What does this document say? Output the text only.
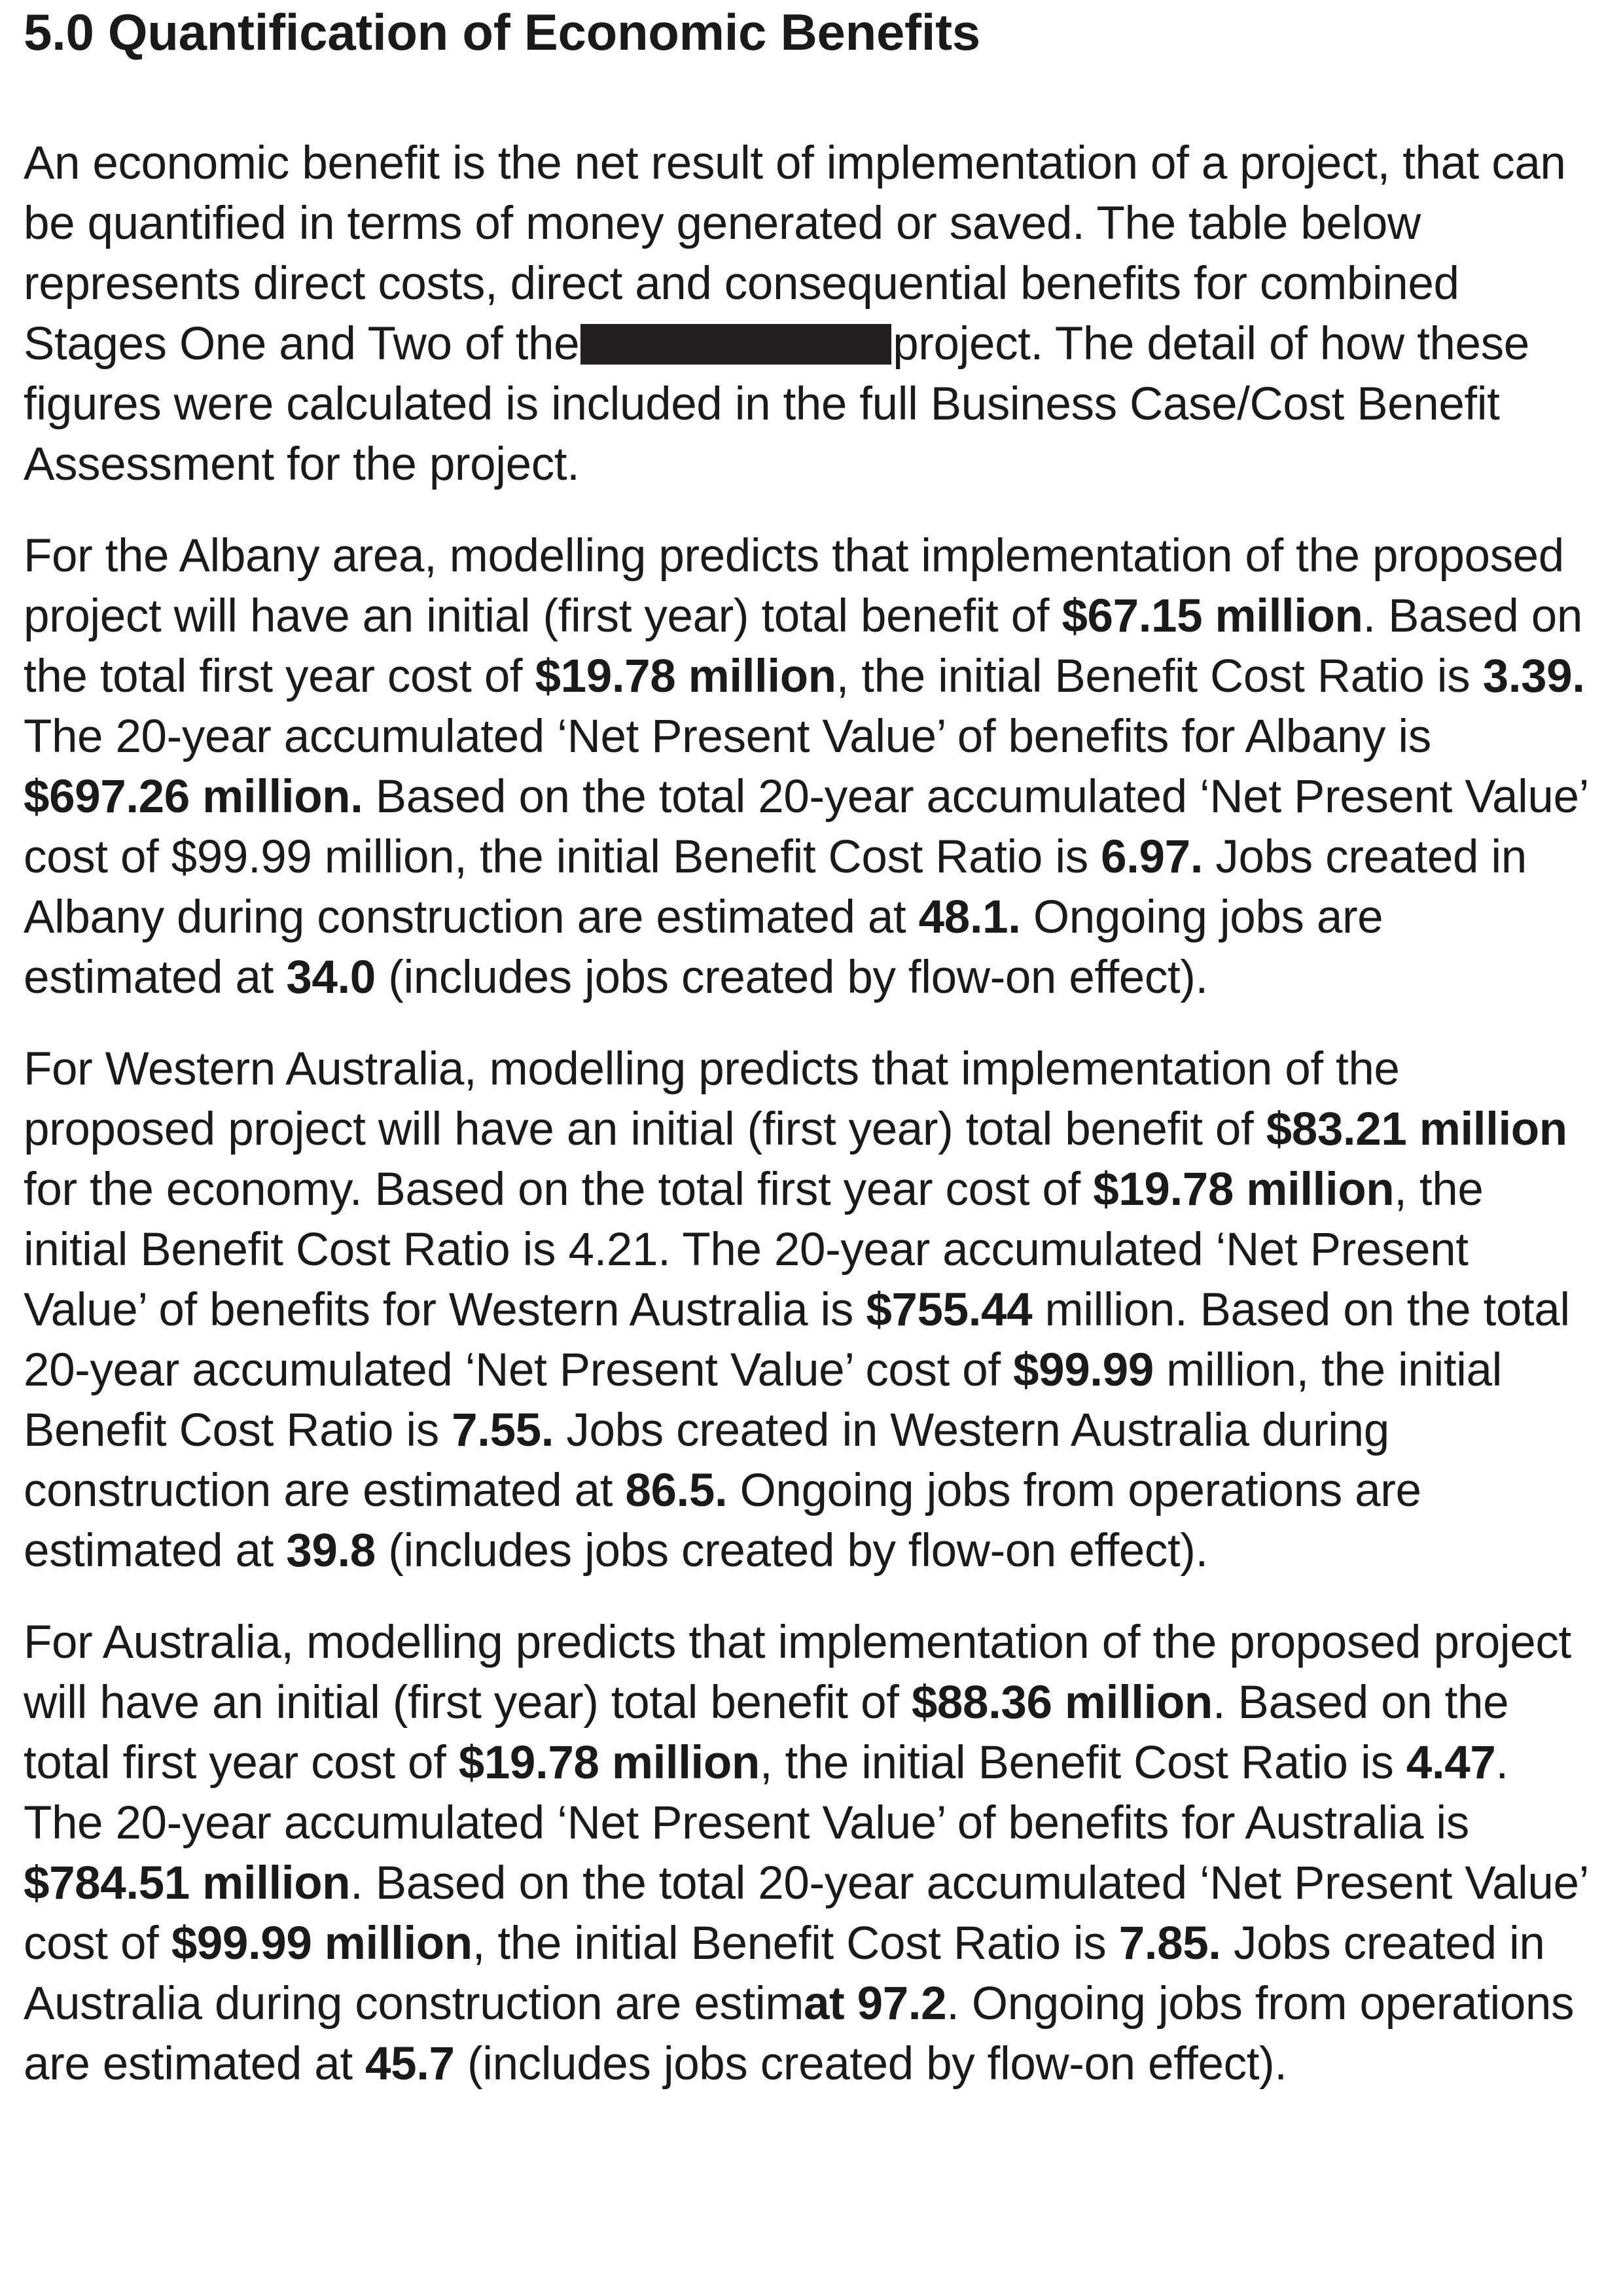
5.0 Quantification of Economic Benefits

An economic benefit is the net result of implementation of a project, that can be quantified in terms of money generated or saved. The table below represents direct costs, direct and consequential benefits for combined Stages One and Two of the	project. The detail of how these figures were calculated is included in the full Business Case/Cost Benefit Assessment for the project.

For the Albany area, modelling predicts that implementation of the proposed project will have an initial (first year) total benefit of $67.15 million. Based on the total first year cost of $19.78 million, the initial Benefit Cost Ratio is 3.39. The 20-year accumulated ‘Net Present Value’ of benefits for Albany is $697.26 million. Based on the total 20-year accumulated ‘Net Present Value’ cost of $99.99 million, the initial Benefit Cost Ratio is 6.97. Jobs created in Albany during construction are estimated at 48.1. Ongoing jobs are estimated at 34.0 (includes jobs created by flow-on effect).

For Western Australia, modelling predicts that implementation of the proposed project will have an initial (first year) total benefit of $83.21 million for the economy. Based on the total first year cost of $19.78 million, the initial Benefit Cost Ratio is 4.21. The 20-year accumulated ‘Net Present Value’ of benefits for Western Australia is $755.44 million. Based on the total 20-year accumulated ‘Net Present Value’ cost of $99.99 million, the initial Benefit Cost Ratio is 7.55. Jobs created in Western Australia during construction are estimated at 86.5. Ongoing jobs from operations are estimated at 39.8 (includes jobs created by flow-on effect).

For Australia, modelling predicts that implementation of the proposed project will have an initial (first year) total benefit of $88.36 million. Based on the total first year cost of $19.78 million, the initial Benefit Cost Ratio is 4.47. The 20-year accumulated ‘Net Present Value’ of benefits for Australia is $784.51 million. Based on the total 20-year accumulated ‘Net Present Value’ cost of $99.99 million, the initial Benefit Cost Ratio is 7.85. Jobs created in Australia during construction are estimat 97.2. Ongoing jobs from operations are estimated at 45.7 (includes jobs created by flow-on effect).
